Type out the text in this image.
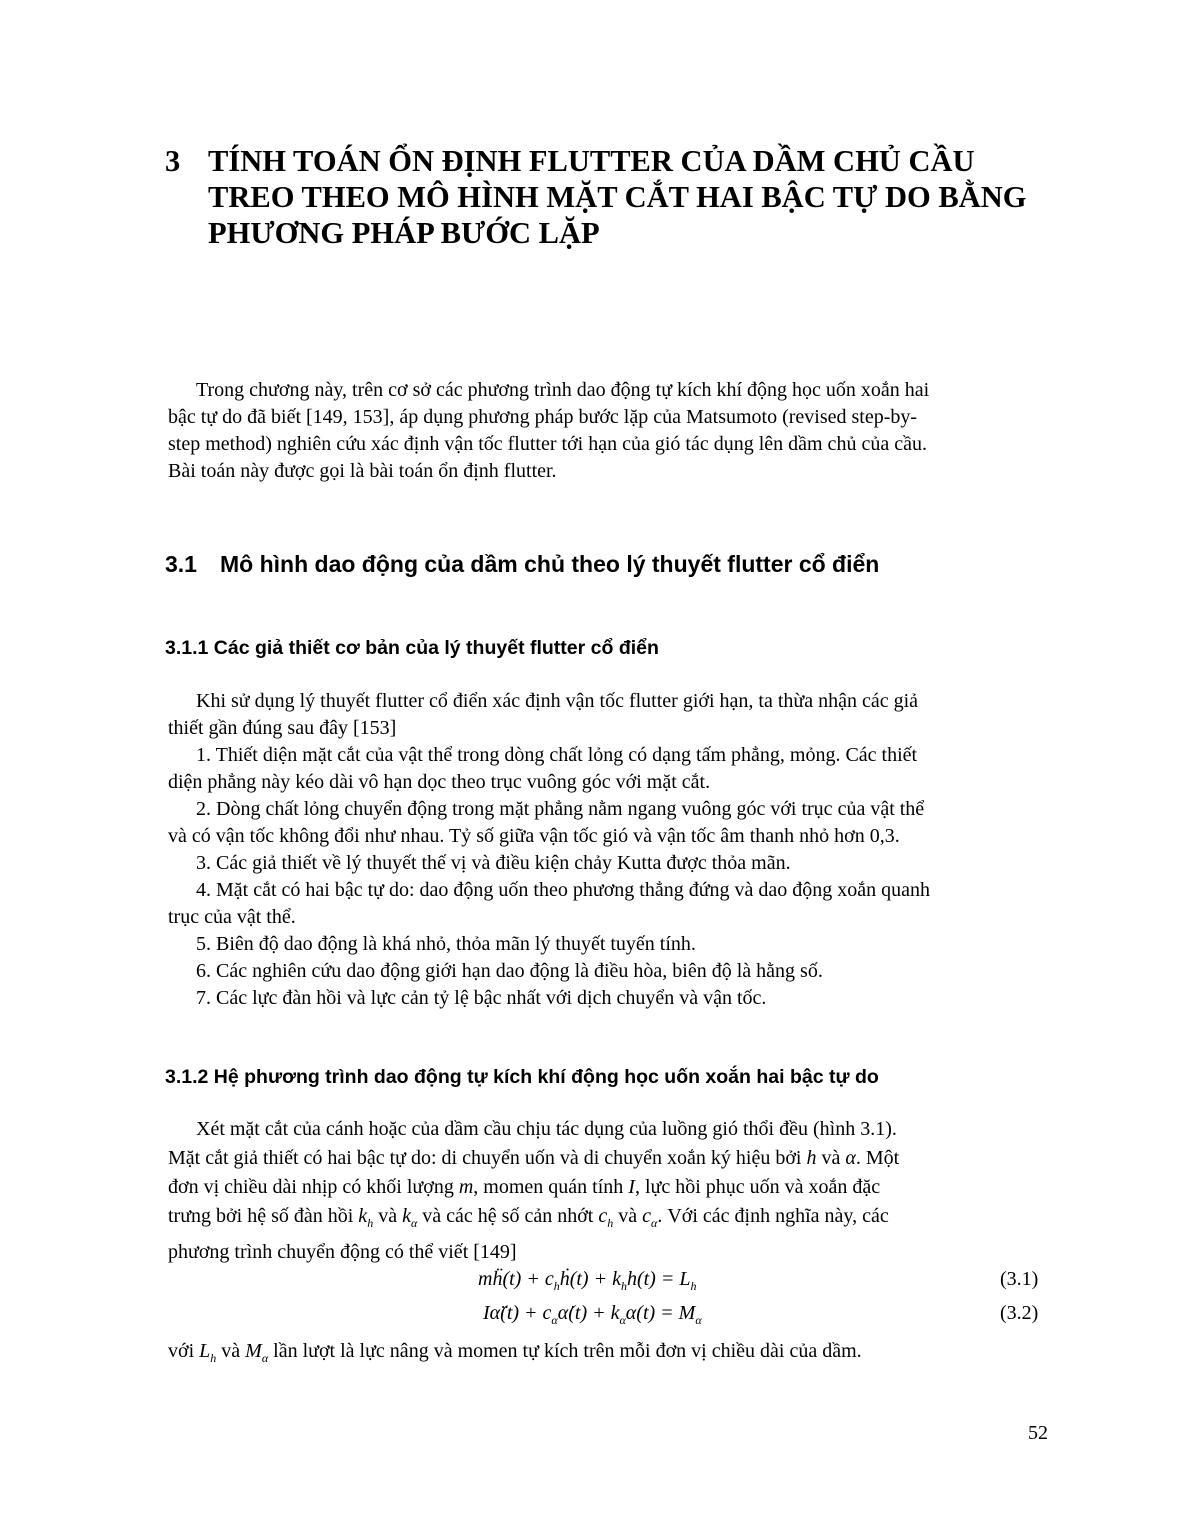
3 TÍNH TOÁN ỔN ĐỊNH FLUTTER CỦA DẦM CHỦ CẦU
TREO THEO MÔ HÌNH MẶT CẮT HAI BẬC TỰ DO BẰNG
PHƯƠNG PHÁP BƯỚC LẶP
Trong chương này, trên cơ sở các phương trình dao động tự kích khí động học uốn xoắn hai
bậc tự do đã biết [149, 153], áp dụng phương pháp bước lặp của Matsumoto (revised step-by-
step method) nghiên cứu xác định vận tốc flutter tới hạn của gió tác dụng lên dầm chủ của cầu.
Bài toán này được gọi là bài toán ổn định flutter.
3.1 Mô hình dao động của dầm chủ theo lý thuyết flutter cổ điển
3.1.1 Các giả thiết cơ bản của lý thuyết flutter cổ điển
Khi sử dụng lý thuyết flutter cổ điển xác định vận tốc flutter giới hạn, ta thừa nhận các giả
thiết gần đúng sau đây [153]
1. Thiết diện mặt cắt của vật thể trong dòng chất lỏng có dạng tấm phẳng, mỏng. Các thiết
diện phẳng này kéo dài vô hạn dọc theo trục vuông góc với mặt cắt.
2. Dòng chất lỏng chuyển động trong mặt phẳng nằm ngang vuông góc với trục của vật thể
và có vận tốc không đổi như nhau. Tỷ số giữa vận tốc gió và vận tốc âm thanh nhỏ hơn 0,3.
3. Các giả thiết về lý thuyết thế vị và điều kiện chảy Kutta được thỏa mãn.
4. Mặt cắt có hai bậc tự do: dao động uốn theo phương thẳng đứng và dao động xoắn quanh
trục của vật thể.
5. Biên độ dao động là khá nhỏ, thỏa mãn lý thuyết tuyến tính.
6. Các nghiên cứu dao động giới hạn dao động là điều hòa, biên độ là hằng số.
7. Các lực đàn hồi và lực cản tỷ lệ bậc nhất với dịch chuyển và vận tốc.
3.1.2 Hệ phương trình dao động tự kích khí động học uốn xoắn hai bậc tự do
Xét mặt cắt của cánh hoặc của dầm cầu chịu tác dụng của luồng gió thổi đều (hình 3.1).
Mặt cắt giả thiết có hai bậc tự do: di chuyển uốn và di chuyển xoắn ký hiệu bởi h và α. Một
đơn vị chiều dài nhịp có khối lượng m, momen quán tính I, lực hồi phục uốn và xoắn đặc
trưng bởi hệ số đàn hồi $k_h$ và $k_\alpha$ và các hệ số cản nhớt $c_h$ và $c_\alpha$. Với các định nghĩa này, các
phương trình chuyển động có thể viết [149]
mḧ(t) + $c_hḣ(t) + k_hh(t) = L_h$	(3.1)
Iα̈(t) + $c_\alpha\alphȧ(t) + k_\alpha\alpha(t) = M_\alpha$	(3.2)
với $L_h$ và $M_\alpha$ lần lượt là lực nâng và momen tự kích trên mỗi đơn vị chiều dài của dầm.
52
